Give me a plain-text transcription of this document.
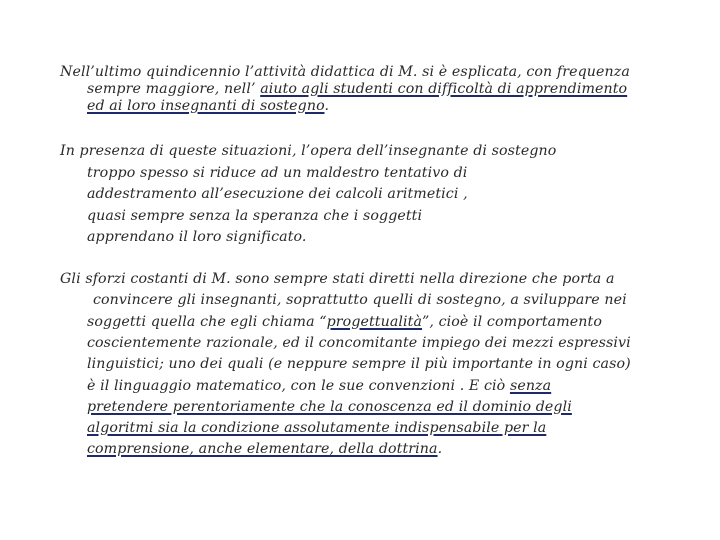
Nell’ultimo quindicennio l’attività didattica di M. si è esplicata, con frequenza
sempre maggiore, nell’ aiuto agli studenti con difficoltà di apprendimento
ed ai loro insegnanti di sostegno.
In presenza di queste situazioni, l’opera dell’insegnante di sostegno
troppo spesso si riduce ad un maldestro tentativo di
addestramento all’esecuzione dei calcoli aritmetici ,
quasi sempre senza la speranza che i soggetti
apprendano il loro significato.
Gli sforzi costanti di M. sono sempre stati diretti nella direzione che porta a
convincere gli insegnanti, soprattutto quelli di sostegno, a sviluppare nei
soggetti quella che egli chiama “progettualità”, cioè il comportamento
coscientemente razionale, ed il concomitante impiego dei mezzi espressivi
linguistici; uno dei quali (e neppure sempre il più importante in ogni caso)
è il linguaggio matematico, con le sue convenzioni . E ciò senza
pretendere perentoriamente che la conoscenza ed il dominio degli
algoritmi sia la condizione assolutamente indispensabile per la
comprensione, anche elementare, della dottrina.
